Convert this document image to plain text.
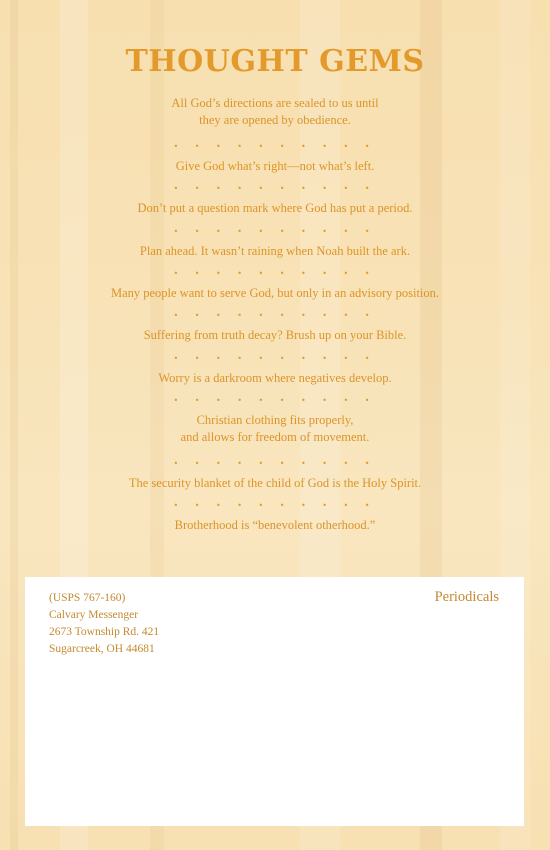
THOUGHT GEMS
All God’s directions are sealed to us until
they are opened by obedience.
• • • • • • • • • •
Give God what’s right—not what’s left.
• • • • • • • • • •
Don’t put a question mark where God has put a period.
• • • • • • • • • •
Plan ahead. It wasn’t raining when Noah built the ark.
• • • • • • • • • •
Many people want to serve God, but only in an advisory position.
• • • • • • • • • •
Suffering from truth decay? Brush up on your Bible.
• • • • • • • • • •
Worry is a darkroom where negatives develop.
• • • • • • • • • •
Christian clothing fits properly,
and allows for freedom of movement.
• • • • • • • • • •
The security blanket of the child of God is the Holy Spirit.
• • • • • • • • • •
Brotherhood is “benevolent otherhood.”
(USPS 767-160)
Calvary Messenger
2673 Township Rd. 421
Sugarcreek, OH 44681
Periodicals
